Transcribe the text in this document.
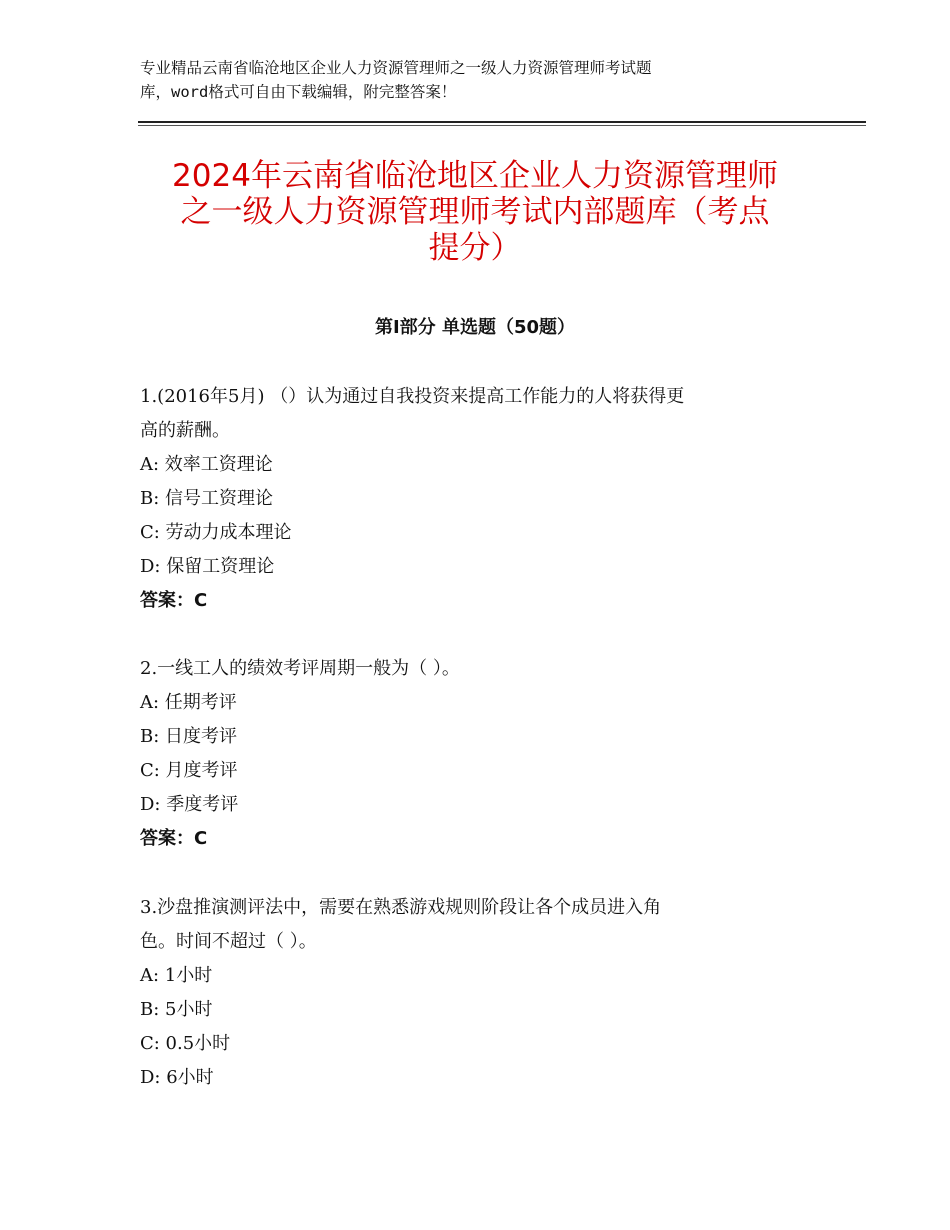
专业精品云南省临沧地区企业人力资源管理师之一级人力资源管理师考试题
库，word格式可自由下载编辑，附完整答案！
2024年云南省临沧地区企业人力资源管理师
之一级人力资源管理师考试内部题库（考点
提分）
第Ⅰ部分 单选题（50题）
1.(2016年5月) （）认为通过自我投资来提高工作能力的人将获得更
高的薪酬。
A: 效率工资理论
B: 信号工资理论
C: 劳动力成本理论
D: 保留工资理论
答案：C
2.一线工人的绩效考评周期一般为（ ）。
A: 任期考评
B: 日度考评
C: 月度考评
D: 季度考评
答案：C
3.沙盘推演测评法中，需要在熟悉游戏规则阶段让各个成员进入角
色。时间不超过（ ）。
A: 1小时
B: 5小时
C: 0.5小时
D: 6小时
